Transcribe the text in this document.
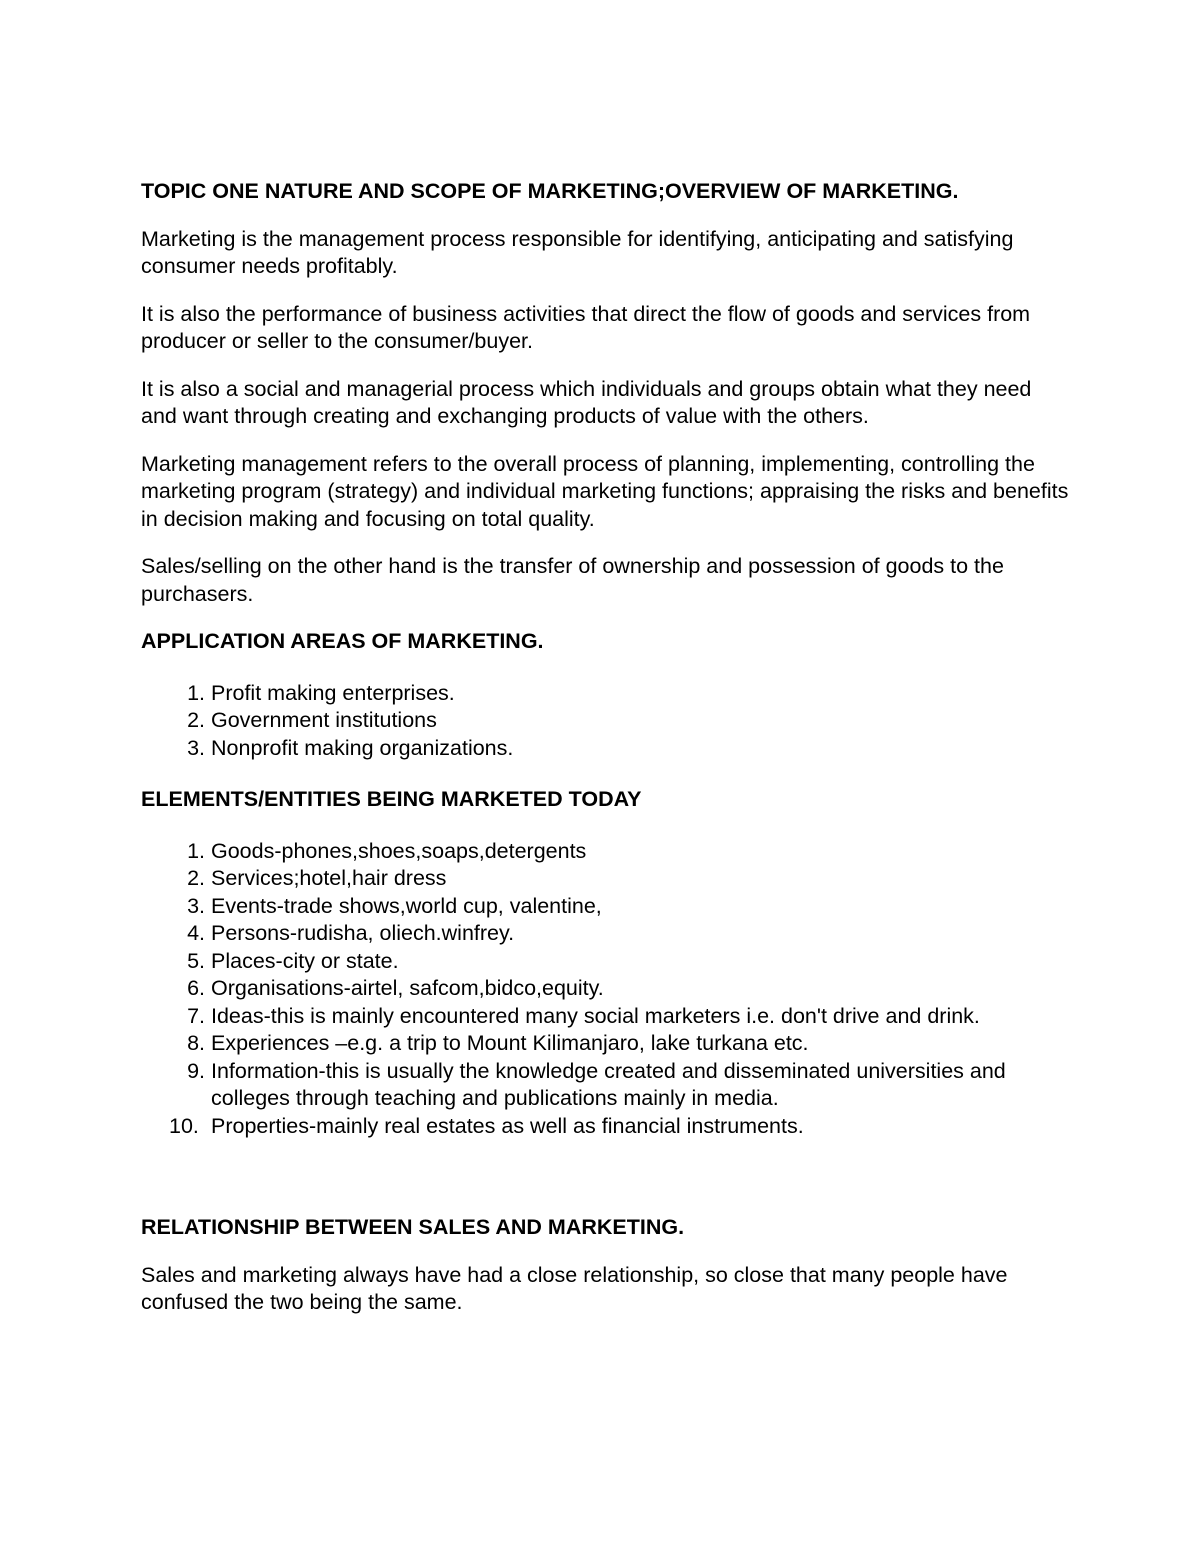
TOPIC ONE NATURE AND SCOPE OF MARKETING;OVERVIEW OF MARKETING.

Marketing is the management process responsible for identifying, anticipating and satisfying consumer needs profitably.

It is also the performance of business activities that direct the flow of goods and services from producer or seller to the consumer/buyer.

It is also a social and managerial process which individuals and groups obtain what they need and want through creating and exchanging products of value with the others.

Marketing management refers to the overall process of planning, implementing, controlling the marketing program (strategy) and individual marketing functions; appraising the risks and benefits in decision making and focusing on total quality.

Sales/selling on the other hand is the transfer of ownership and possession of goods to the purchasers.

APPLICATION AREAS OF MARKETING.

1. Profit making enterprises.
2. Government institutions
3. Nonprofit making organizations.

ELEMENTS/ENTITIES BEING MARKETED TODAY

1. Goods-phones,shoes,soaps,detergents
2. Services;hotel,hair dress
3. Events-trade shows,world cup, valentine,
4. Persons-rudisha, oliech.winfrey.
5. Places-city or state.
6. Organisations-airtel, safcom,bidco,equity.
7. Ideas-this is mainly encountered many social marketers i.e. don't drive and drink.
8. Experiences –e.g. a trip to Mount Kilimanjaro, lake turkana etc.
9. Information-this is usually the knowledge created and disseminated universities and colleges through teaching and publications mainly in media.
10. Properties-mainly real estates as well as financial instruments.

RELATIONSHIP BETWEEN SALES AND MARKETING.

Sales and marketing always have had a close relationship, so close that many people have confused the two being the same.
